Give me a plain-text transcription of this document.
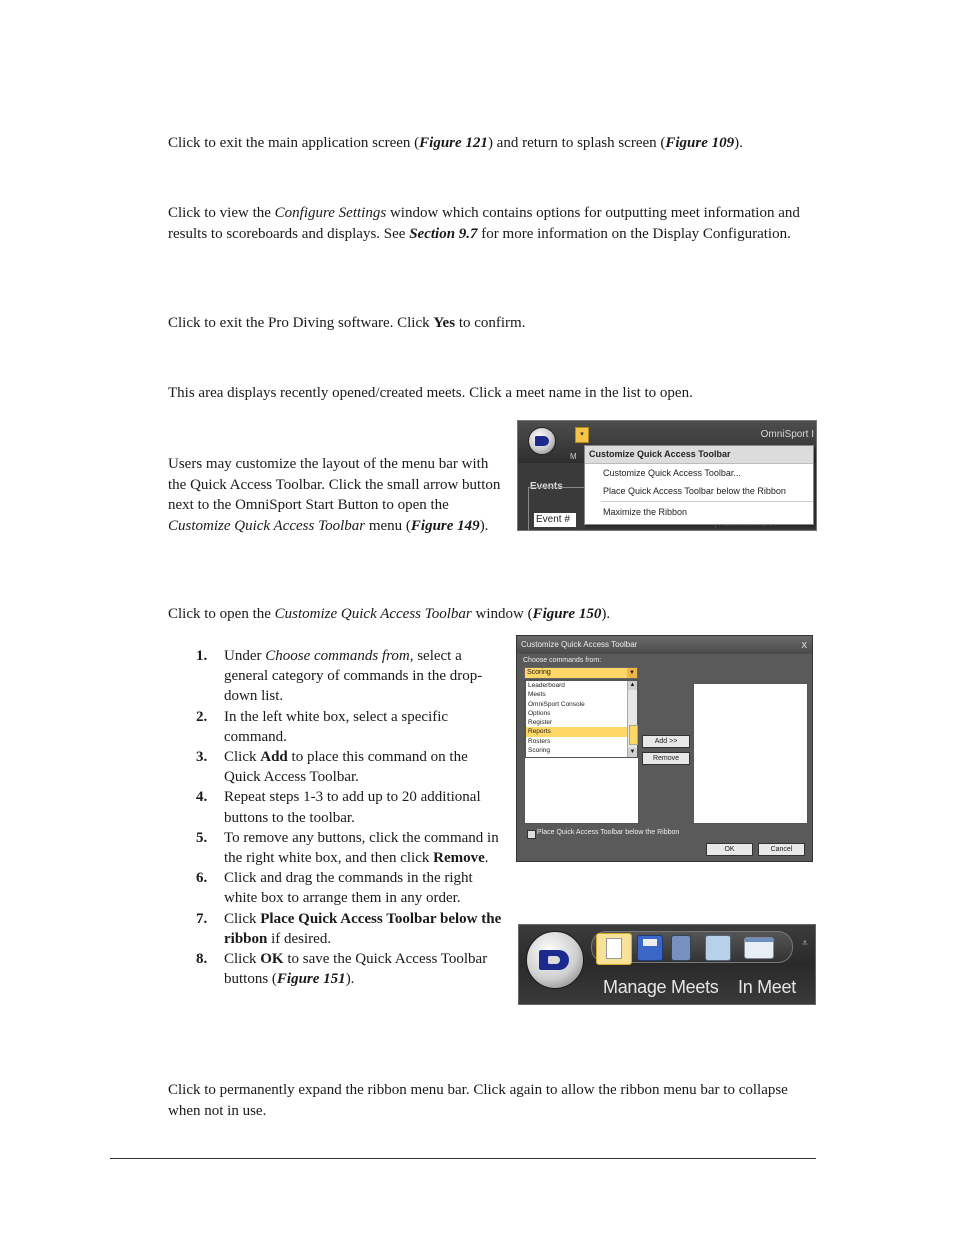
Click to exit the main application screen (Figure 121) and return to splash screen (Figure 109).

Click to view the Configure Settings window which contains options for outputting meet information and results to scoreboards and displays. See Section 9.7 for more information on the Display Configuration.

Click to exit the Pro Diving software. Click Yes to confirm.

This area displays recently opened/created meets. Click a meet name in the list to open.

Users may customize the layout of the menu bar with the Quick Access Toolbar. Click the small arrow button next to the OmniSport Start Button to open the Customize Quick Access Toolbar menu (Figure 149).

▾	OmniSport I
M
Events
Event #
Customize Quick Access Toolbar
Customize Quick Access Toolbar...
Place Quick Access Toolbar below the Ribbon
Maximize the Ribbon

Click to open the Customize Quick Access Toolbar window (Figure 150).

1. Under Choose commands from, select a general category of commands in the drop-down list.
2. In the left white box, select a specific command.
3. Click Add to place this command on the Quick Access Toolbar.
4. Repeat steps 1-3 to add up to 20 additional buttons to the toolbar.
5. To remove any buttons, click the command in the right white box, and then click Remove.
6. Click and drag the commands in the right white box to arrange them in any order.
7. Click Place Quick Access Toolbar below the ribbon if desired.
8. Click OK to save the Quick Access Toolbar buttons (Figure 151).
Customize Quick Access Toolbar	x
Choose commands from:
Scoring	▼
Leaderboard
Meets
OmniSport Console
Options
Register
Reports
Rosters
Scoring
▲
▼
Add >>
Remove
Place Quick Access Toolbar below the Ribbon
OK	Cancel
⩡
Manage Meets In Meet

Click to permanently expand the ribbon menu bar. Click again to allow the ribbon menu bar to collapse when not in use.
